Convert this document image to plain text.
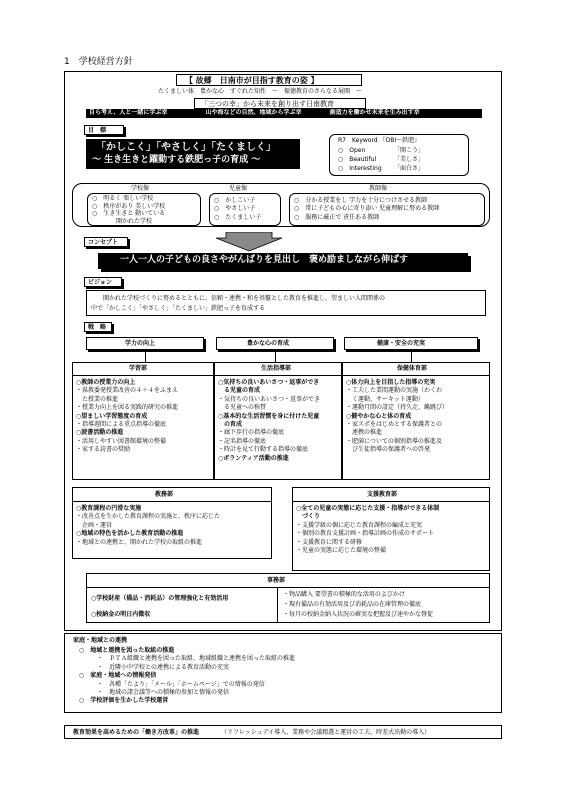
1　学校経営方針
【 故郷　日南市が目指す教育の姿 】
たくましい体　豊かな心　すぐれた知性　～　振徳教育のさらなる展開　～
「三つの幸」から未来を創り出す日南教育
自ら考え、人と一緒に学ぶ幸	山や海などの自然、地域から学ぶ幸	創造力を働かせ未来を生み出す幸
目　標
「かしこく」「やさしく」「たくましく」
～ 生き生きと躍動する鉄肥っ子の育成 ～
R7　Keyword 『OBI～鉄肥』
○　Open	「開こう」
○　Beautiful	「美しさ」
○　Interesting 「面白さ」
学校像	児童像	教師像
○　明るく 楽しい学校
○　秩序があり 美しい学校
○　生き生きと 動いている
　　　　開かれた学校
○　かしこい子
○　やさしい子
○　たくましい子
○　分かる授業をし 学力を十分につけさせる教師
○　常に子どもの心に寄り添い 児童理解に努める教師
○　服務に厳正で 責任ある教師
コンセプト
一人一人の子どもの良さやがんばりを見出し　褒め励ましながら伸ばす
ビジョン
開かれた学校づくりに努めるとともに、信頼・連携・和を基盤とした教育を推進し、望ましい人間関係の
中で「かしこく」「やさしく」「たくましい」鉄肥っ子を育成する
戦　略
学力の向上	豊かな心の育成	健康・安全の充実
学習部
○教師の授業力の向上
・県教委発授業改善の４＋４をふまえ
　た授業の推進
・授業力向上を図る実践的研究の推進
○望ましい学習態度の育成
・指導週間による重点指導の徹底
○読書活動の推進
・活用しやすい図書館環境の整備
・家する読書の奨励
生活指導部
○気持ちの良いあいさつ・返事ができ
　る児童の育成
・気持ちの良いあいさつ・返事ができ
　る児童への称賛
○基本的な生活習慣を身に付けた児童
　の育成
・廊下歩行の指導の徹底
・記名指導の徹底
・時計を見て行動する指導の徹底
○ボランティア活動の推進
保健体育部
○体力向上を目指した指導の充実
・工夫した業間運動の実施（わくわ
　く運動、サーキット運動）
・運動月間の設定（持久走、縄跳び）
○健やかな心と体の育成
・家スポをはじめとする保護者との
　連携の推進
・肥満についての個別指導の推進及
　び生徒指導の保護者への啓発
教務部
○教育課程の円滑な実施
・改善点を生かした教育課程の実施と、秩序に応じた
　企画・運営
○地域の特色を活かした教育活動の推進
・地域との連携と、開かれた学校の取組の推進
支援教育部
○全ての児童の実態に応じた支援・指導ができる体制
　づくり
・支援学級の個に応じた教育課程の編成と充実
・個別の教育支援計画・指導計画の作成のサポート
・支援教育に関する研修
・児童の実態に応じた環境の整備
事務部
○学校財産（備品・消耗品）の管理強化と有効活用
○校納金の明日内徴収
・物品購入 要望書の積極的な活用のよびかけ
・現有備品の有効活用及び消耗品の在庫管理の徹底
・毎月の校納金納入状況の確実な把握及び速やかな督促
家庭・地域との連携
○　地域と連携を図った取組の推進
・　ＰＴＡ組織と連携を図った取組、地域組織と連携を図った取組の推進
・　近隣小中学校との連携による教育活動の充実
○　家庭・地域への情報発信
・　各種「たより」「メール」「ホームページ」での情報の発信
・　地域の諸会議等への積極的参加と情報の発信
○　学校評価を生かした学校運営
教育効果を高めるための「働き方改革」の推進	（リフレッシュデイ導入、業務や会議精選と運営の工夫、時差式出勤の導入）
